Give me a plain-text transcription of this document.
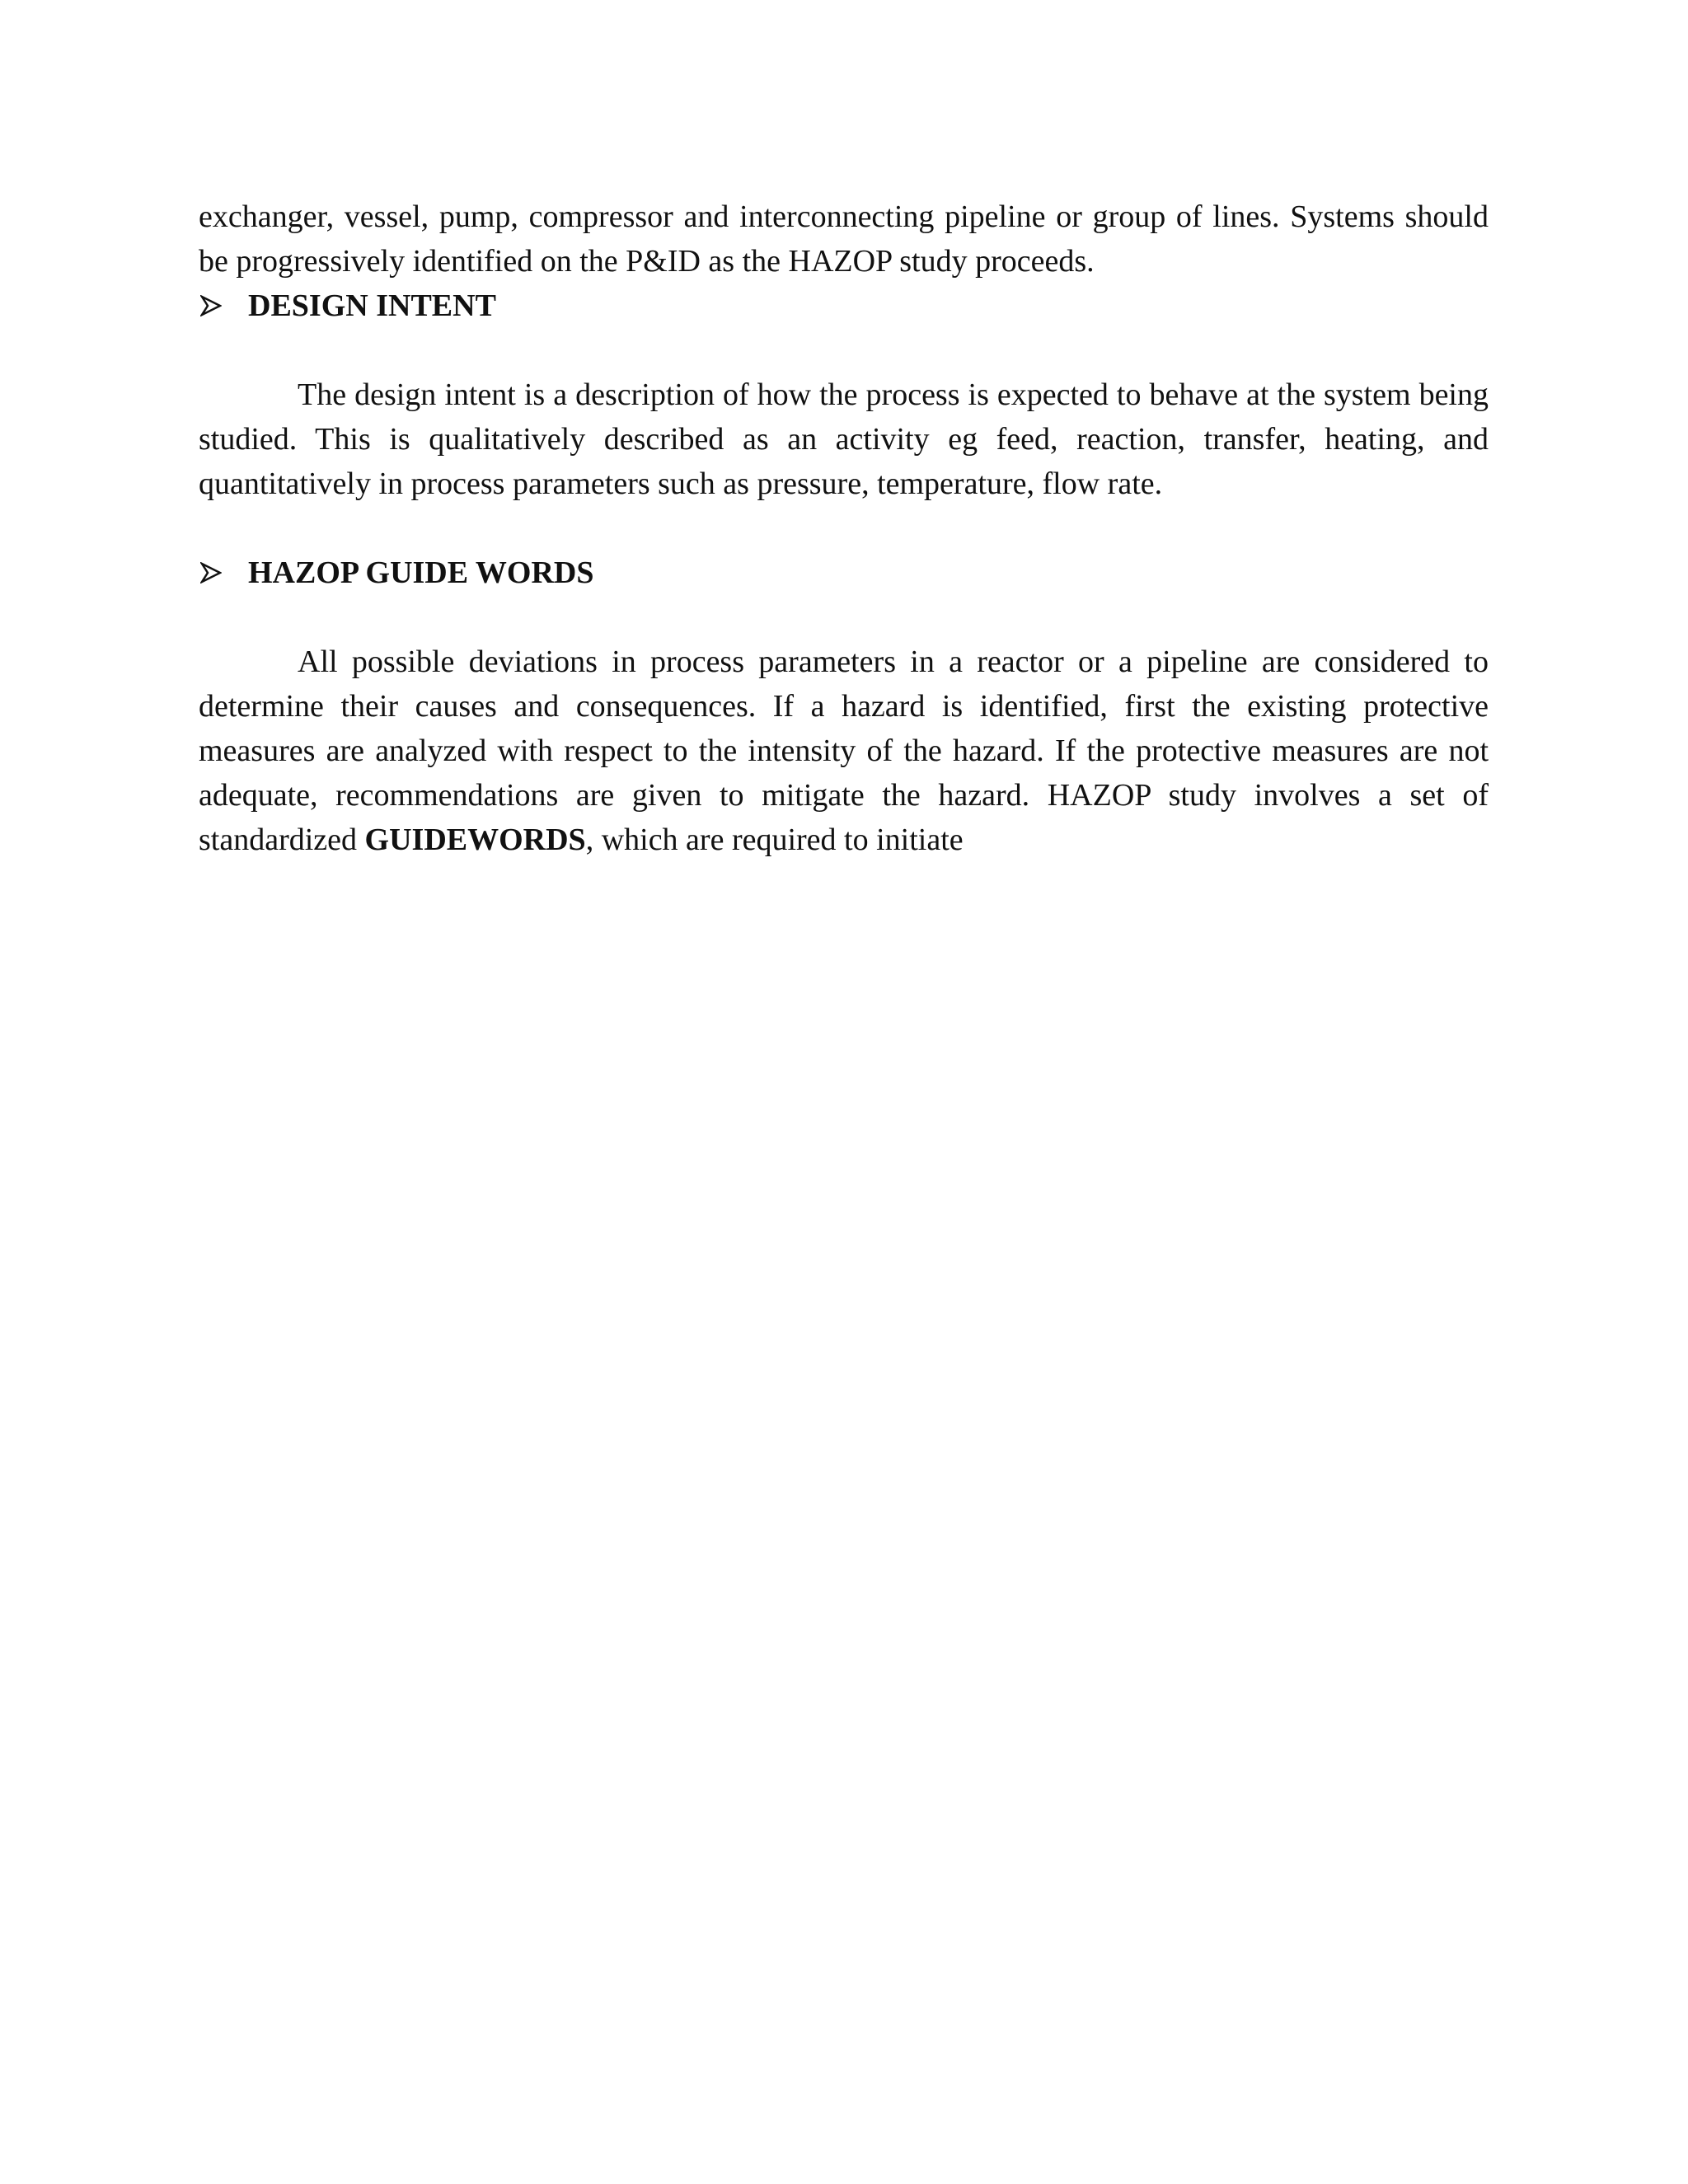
exchanger, vessel, pump, compressor and interconnecting pipeline or group of lines. Systems should be progressively identified on the P&ID as the HAZOP study proceeds.

DESIGN INTENT

The design intent is a description of how the process is expected to behave at the system being studied. This is qualitatively described as an activity eg feed, reaction, transfer, heating, and quantitatively in process parameters such as pressure, temperature, flow rate.

HAZOP GUIDE WORDS

All possible deviations in process parameters in a reactor or a pipeline are considered to determine their causes and consequences. If a hazard is identified, first the existing protective measures are analyzed with respect to the intensity of the hazard. If the protective measures are not adequate, recommendations are given to mitigate the hazard. HAZOP study involves a set of standardized GUIDEWORDS, which are required to initiate
